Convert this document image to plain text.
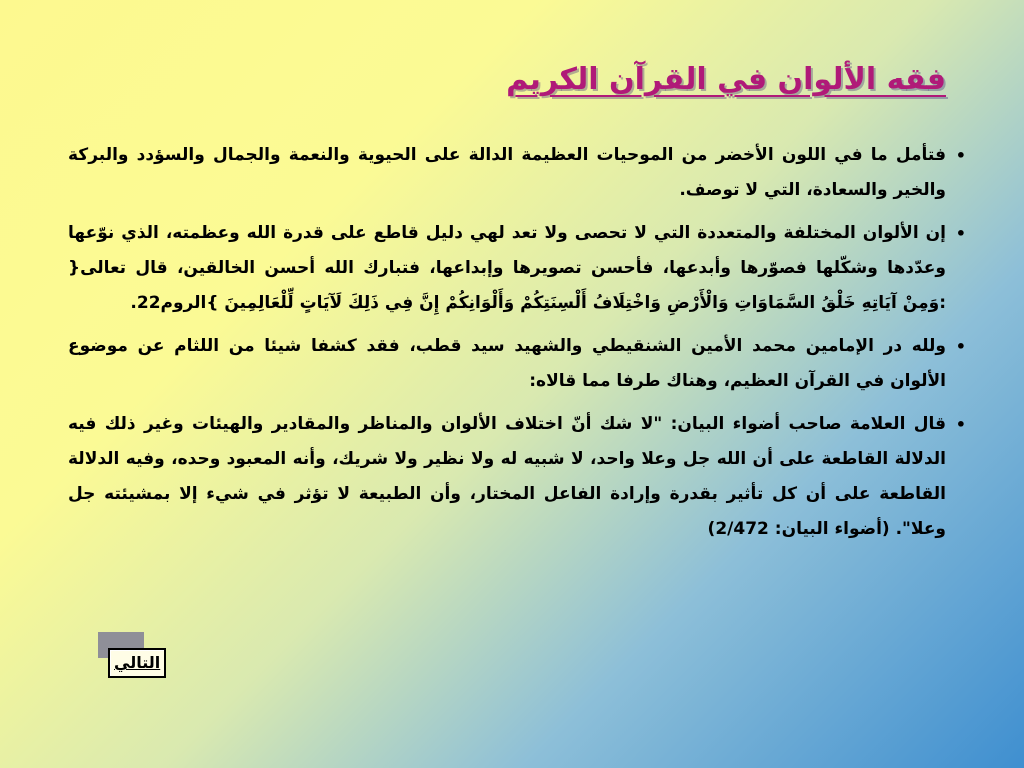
فقه الألوان في القرآن الكريم

•
فتأمل ما في اللون الأخضر من الموحيات العظيمة الدالة على الحيوية والنعمة والجمال والسؤدد والبركة والخير والسعادة، التي لا توصف.

•
إن الألوان المختلفة والمتعددة التي لا تحصى ولا تعد لهي دليل قاطع على قدرة الله وعظمته، الذي نوّعها وعدّدها وشكّلها فصوّرها وأبدعها، فأحسن تصويرها وإبداعها، فتبارك الله أحسن الخالقين، قال تعالى{ :وَمِنْ آيَاتِهِ خَلْقُ السَّمَاوَاتِ وَالْأَرْضِ وَاخْتِلَافُ أَلْسِنَتِكُمْ وَأَلْوَانِكُمْ إِنَّ فِي ذَلِكَ لَآيَاتٍ لِّلْعَالِمِينَ }الروم22.

•
ولله در الإمامين محمد الأمين الشنقيطي والشهيد سيد قطب، فقد كشفا شيئا من اللثام عن موضوع الألوان في القرآن العظيم، وهناك طرفا مما قالاه:

•
قال العلامة صاحب أضواء البيان: "لا شك أنّ اختلاف الألوان والمناظر والمقادير والهيئات وغير ذلك فيه الدلالة القاطعة على أن الله جل وعلا واحد، لا شبيه له ولا نظير ولا شريك، وأنه المعبود وحده، وفيه الدلالة القاطعة على أن كل تأثير بقدرة وإرادة الفاعل المختار، وأن الطبيعة لا تؤثر في شيء إلا بمشيئته جل وعلا". (أضواء البيان: 2/472)

التالي
